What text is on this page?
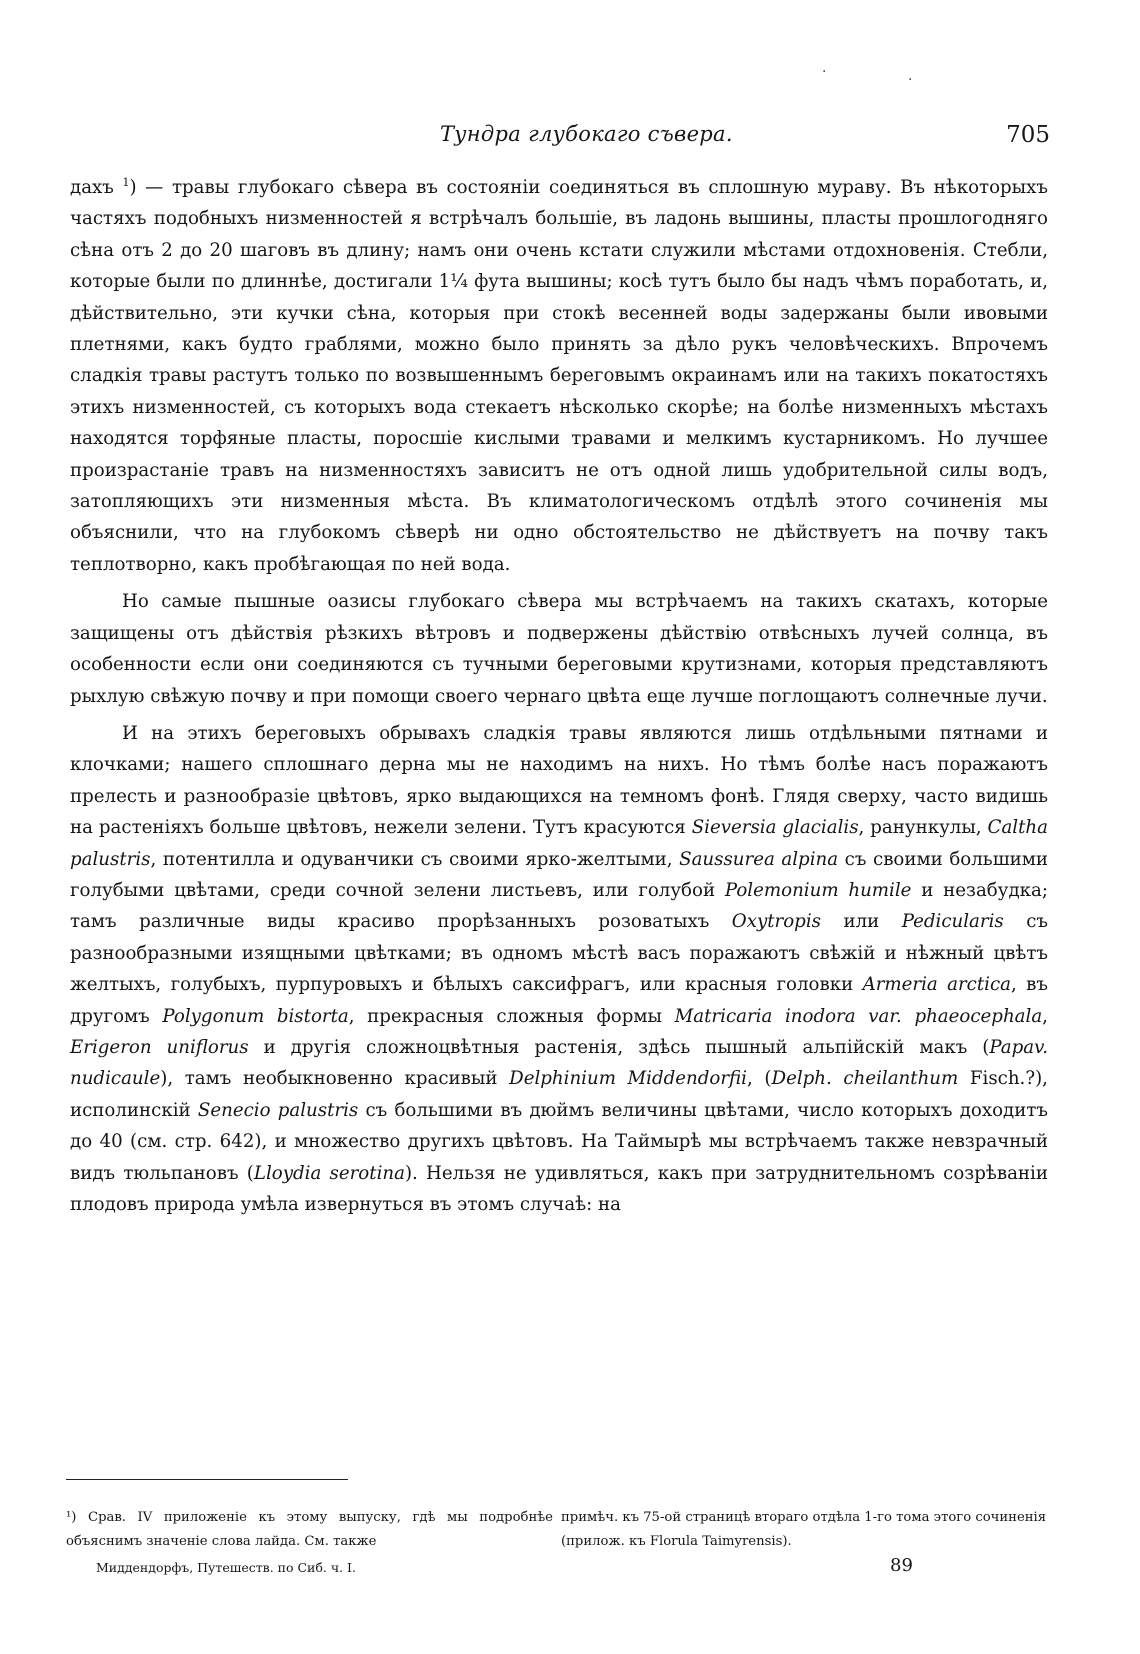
·	·
Тундра глубокаго съвера.	705

дахъ $^1$) — травы глубокаго сѣвера въ состояніи соединяться въ сплошную мураву. Въ нѣкоторыхъ частяхъ подобныхъ низменностей я встрѣчалъ большіе, въ ладонь вышины, пласты прошлогодняго сѣна отъ 2 до 20 шаговъ въ длину; намъ они очень кстати служили мѣстами отдохновенія. Стебли, которые были по длиннѣе, достигали 1¼ фута вышины; косѣ тутъ было бы надъ чѣмъ поработать, и, дѣйствительно, эти кучки сѣна, которыя при стокѣ весенней воды задержаны были ивовыми плетнями, какъ будто граблями, можно было принять за дѣло рукъ человѣческихъ. Впрочемъ сладкія травы растутъ только по возвышеннымъ береговымъ окраинамъ или на такихъ покатостяхъ этихъ низменностей, съ которыхъ вода стекаетъ нѣсколько скорѣе; на болѣе низменныхъ мѣстахъ находятся торфяные пласты, поросшіе кислыми травами и мелкимъ кустарникомъ. Но лучшее произрастаніе травъ на низменностяхъ зависитъ не отъ одной лишь удобрительной силы водъ, затопляющихъ эти низменныя мѣста. Въ климатологическомъ отдѣлѣ этого сочиненія мы объяснили, что на глубокомъ сѣверѣ ни одно обстоятельство не дѣйствуетъ на почву такъ теплотворно, какъ пробѣгающая по ней вода.

Но самые пышные оазисы глубокаго сѣвера мы встрѣчаемъ на такихъ скатахъ, которые защищены отъ дѣйствія рѣзкихъ вѣтровъ и подвержены дѣйствію отвѣсныхъ лучей солнца, въ особенности если они соединяются съ тучными береговыми крутизнами, которыя представляютъ рыхлую свѣжую почву и при помощи своего чернаго цвѣта еще лучше поглощаютъ солнечные лучи.

И на этихъ береговыхъ обрывахъ сладкія травы являются лишь отдѣльными пятнами и клочками; нашего сплошнаго дерна мы не находимъ на нихъ. Но тѣмъ болѣе насъ поражаютъ прелесть и разнообразіе цвѣтовъ, ярко выдающихся на темномъ фонѣ. Глядя сверху, часто видишь на растеніяхъ больше цвѣтовъ, нежели зелени. Тутъ красуются Sieversia glacialis, ранункулы, Caltha palustris, потентилла и одуванчики съ своими ярко-желтыми, Saussurea alpina съ своими большими голубыми цвѣтами, среди сочной зелени листьевъ, или голубой Polemonium humile и незабудка; тамъ различные виды красиво прорѣзанныхъ розоватыхъ Oxytropis или Pedicularis съ разнообразными изящными цвѣтками; въ одномъ мѣстѣ васъ поражаютъ свѣжій и нѣжный цвѣтъ желтыхъ, голубыхъ, пурпуровыхъ и бѣлыхъ саксифрагъ, или красныя головки Armeria arctica, въ другомъ Polygonum bistorta, прекрасныя сложныя формы Matricaria inodora var. phaeocephala, Erigeron uniflorus и другія сложноцвѣтныя растенія, здѣсь пышный альпійскій макъ (Papav. nudicaule), тамъ необыкновенно красивый Delphinium Middendorfii, (Delph. cheilanthum Fisch.?), исполинскій Senecio palustris съ большими въ дюймъ величины цвѣтами, число которыхъ доходитъ до 40 (см. стр. 642), и множество другихъ цвѣтовъ. На Таймырѣ мы встрѣчаемъ также невзрачный видъ тюльпановъ (Lloydia serotina). Нельзя не удивляться, какъ при затруднительномъ созрѣваніи плодовъ природа умѣла извернуться въ этомъ случаѣ: на

¹) Срав. IV приложеніе къ этому выпуску, гдѣ мы подробнѣе объяснимъ значеніе слова лайда. См. также
примѣч. къ 75-ой страницѣ втораго отдѣла 1-го тома этого сочиненія (прилож. къ Florula Taimyrensis).
Миддендорфъ, Путешеств. по Сиб. ч. I.	89
